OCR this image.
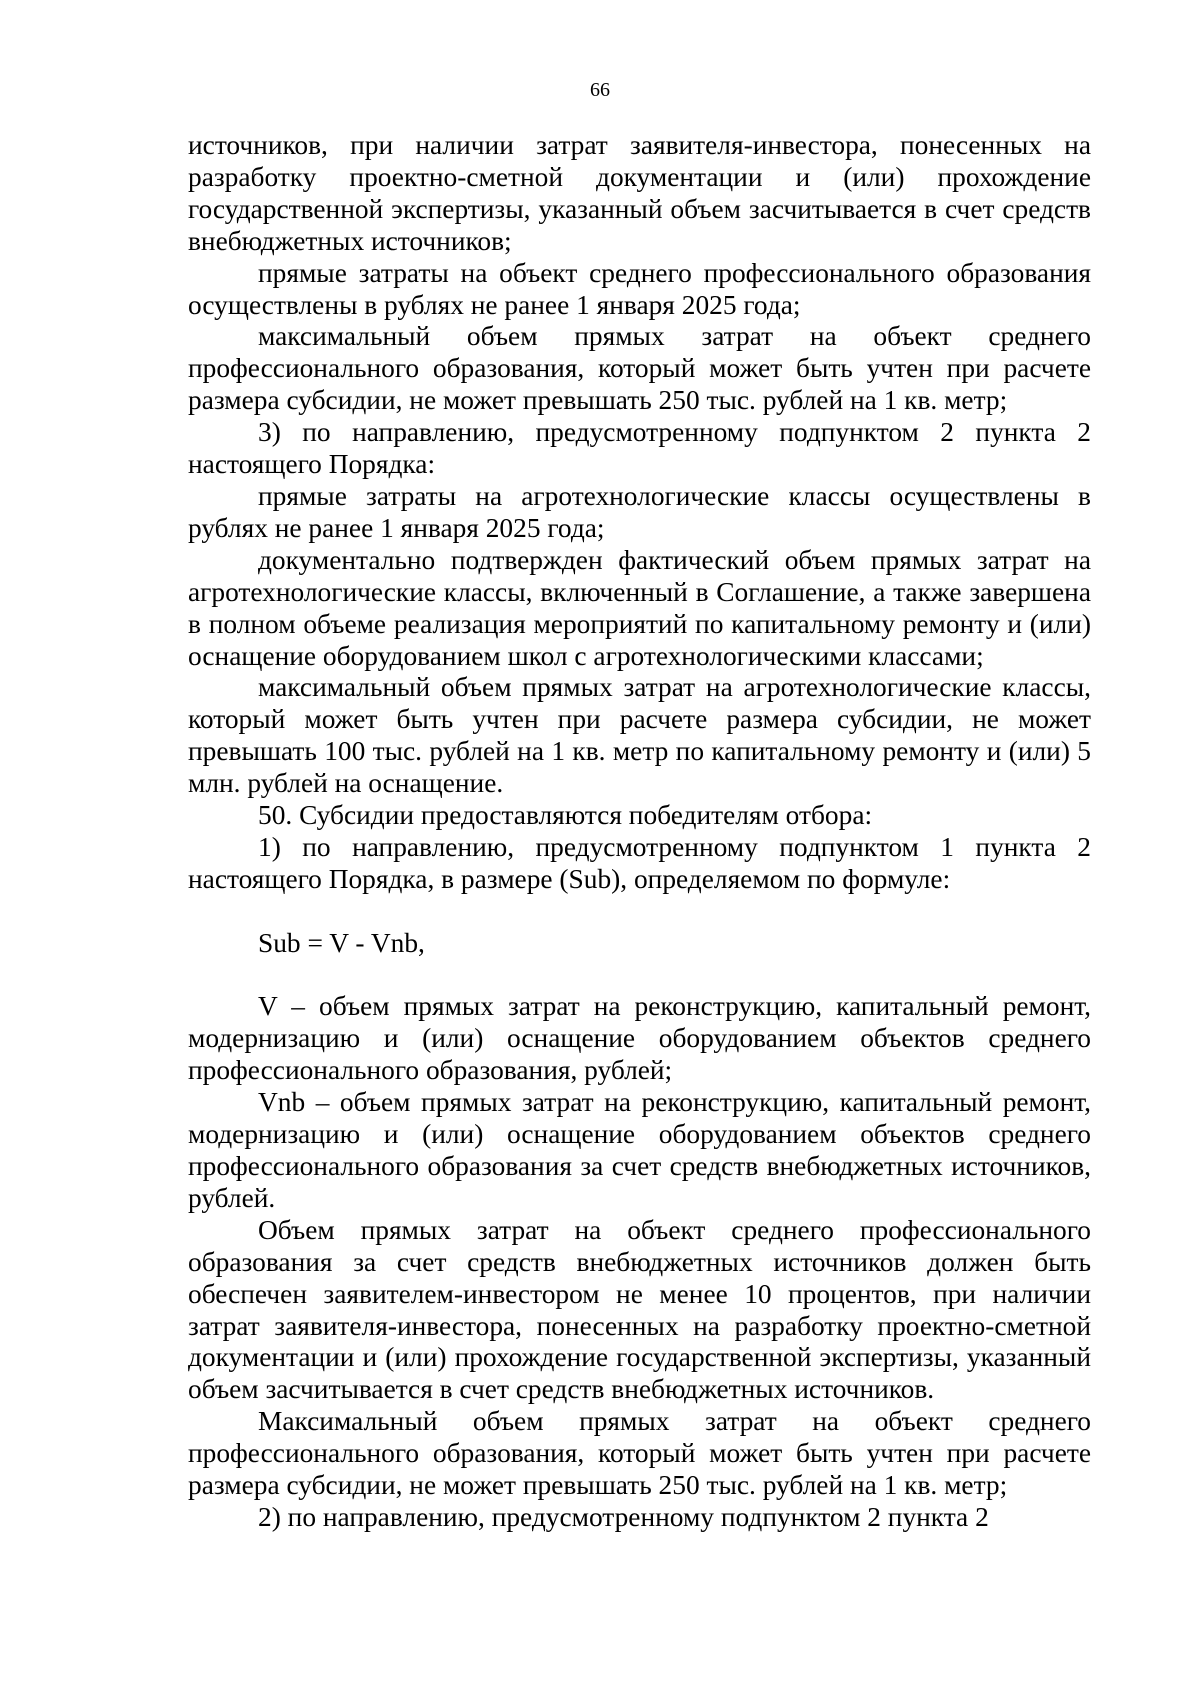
66

источников, при наличии затрат заявителя-инвестора, понесенных на разработку проектно-сметной документации и (или) прохождение государственной экспертизы, указанный объем засчитывается в счет средств внебюджетных источников;

прямые затраты на объект среднего профессионального образования осуществлены в рублях не ранее 1 января 2025 года;

максимальный объем прямых затрат на объект среднего профессионального образования, который может быть учтен при расчете размера субсидии, не может превышать 250 тыс. рублей на 1 кв. метр;

3) по направлению, предусмотренному подпунктом 2 пункта 2 настоящего Порядка:

прямые затраты на агротехнологические классы осуществлены в рублях не ранее 1 января 2025 года;

документально подтвержден фактический объем прямых затрат на агротехнологические классы, включенный в Соглашение, а также завершена в полном объеме реализация мероприятий по капитальному ремонту и (или) оснащение оборудованием школ с агротехнологическими классами;

максимальный объем прямых затрат на агротехнологические классы, который может быть учтен при расчете размера субсидии, не может превышать 100 тыс. рублей на 1 кв. метр по капитальному ремонту и (или) 5 млн. рублей на оснащение.

50. Субсидии предоставляются победителям отбора:

1) по направлению, предусмотренному подпунктом 1 пункта 2 настоящего Порядка, в размере (Sub), определяемом по формуле:

Sub = V - Vnb,

V – объем прямых затрат на реконструкцию, капитальный ремонт, модернизацию и (или) оснащение оборудованием объектов среднего профессионального образования, рублей;

Vnb – объем прямых затрат на реконструкцию, капитальный ремонт, модернизацию и (или) оснащение оборудованием объектов среднего профессионального образования за счет средств внебюджетных источников, рублей.

Объем прямых затрат на объект среднего профессионального образования за счет средств внебюджетных источников должен быть обеспечен заявителем-инвестором не менее 10 процентов, при наличии затрат заявителя-инвестора, понесенных на разработку проектно-сметной документации и (или) прохождение государственной экспертизы, указанный объем засчитывается в счет средств внебюджетных источников.

Максимальный объем прямых затрат на объект среднего профессионального образования, который может быть учтен при расчете размера субсидии, не может превышать 250 тыс. рублей на 1 кв. метр;

2) по направлению, предусмотренному подпунктом 2 пункта 2
